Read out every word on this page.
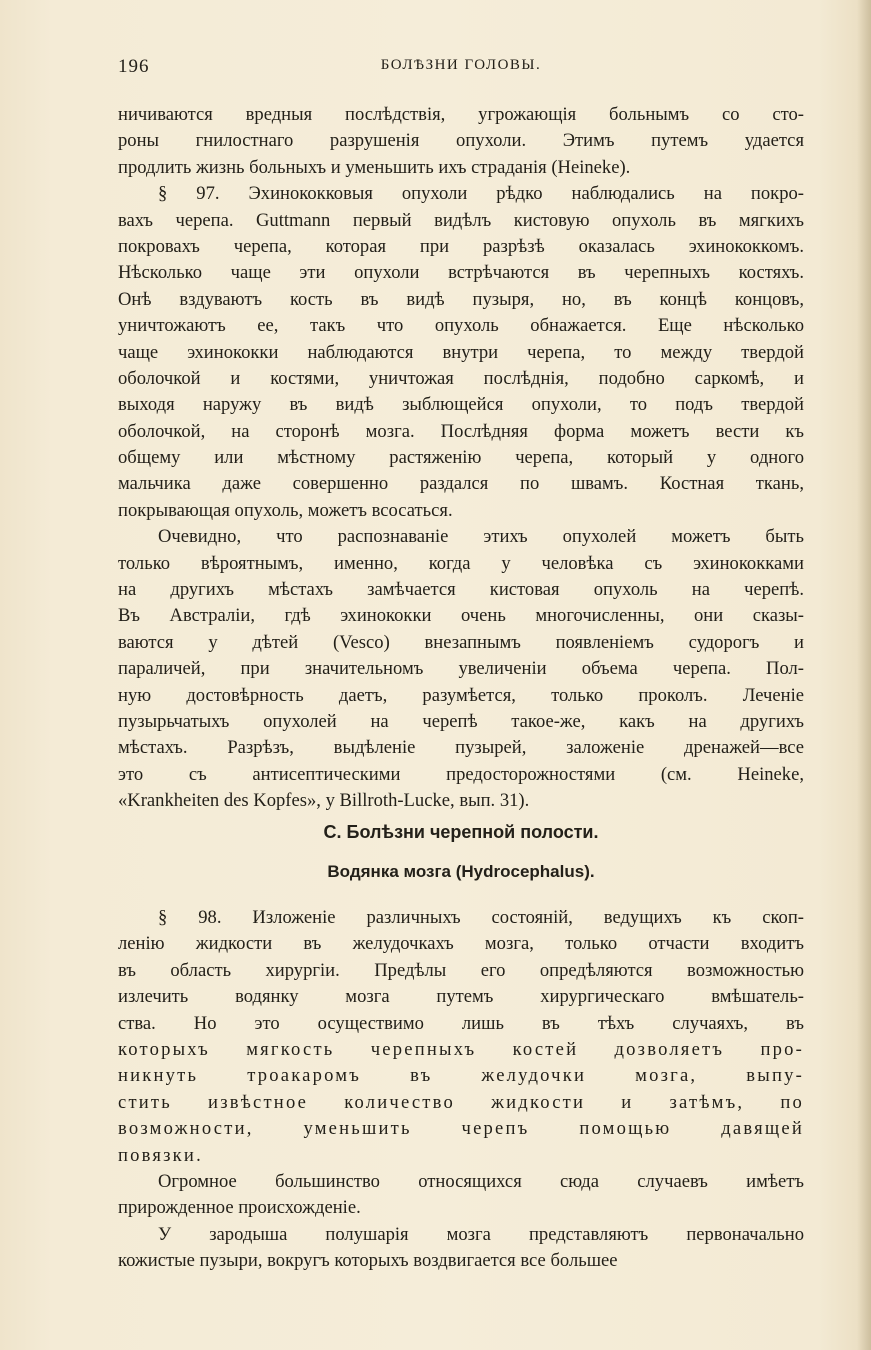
196	БОЛѢЗНИ ГОЛОВЫ.
ничиваются вредныя послѣдствія, угрожающія больнымъ со сто-
роны гнилостнаго разрушенія опухоли. Этимъ путемъ удается
продлить жизнь больныхъ и уменьшить ихъ страданія (Heineke).
§ 97. Эхинококковыя опухоли рѣдко наблюдались на покро-
вахъ черепа. Guttmann первый видѣлъ кистовую опухоль въ мягкихъ
покровахъ черепа, которая при разрѣзѣ оказалась эхинококкомъ.
Нѣсколько чаще эти опухоли встрѣчаются въ черепныхъ костяхъ.
Онѣ вздуваютъ кость въ видѣ пузыря, но, въ концѣ концовъ,
уничтожаютъ ее, такъ что опухоль обнажается. Еще нѣсколько
чаще эхинококки наблюдаются внутри черепа, то между твердой
оболочкой и костями, уничтожая послѣднія, подобно саркомѣ, и
выходя наружу въ видѣ зыблющейся опухоли, то подъ твердой
оболочкой, на сторонѣ мозга. Послѣдняя форма можетъ вести къ
общему или мѣстному растяженію черепа, который у одного
мальчика даже совершенно раздался по швамъ. Костная ткань,
покрывающая опухоль, можетъ всосаться.
Очевидно, что распознаваніе этихъ опухолей можетъ быть
только вѣроятнымъ, именно, когда у человѣка съ эхинококками
на другихъ мѣстахъ замѣчается кистовая опухоль на черепѣ.
Въ Австраліи, гдѣ эхинококки очень многочисленны, они сказы-
ваются у дѣтей (Vesco) внезапнымъ появленіемъ судорогъ и
параличей, при значительномъ увеличеніи объема черепа. Пол-
ную достовѣрность даетъ, разумѣется, только проколъ. Леченіе
пузырьчатыхъ опухолей на черепѣ такое-же, какъ на другихъ
мѣстахъ. Разрѣзъ, выдѣленіе пузырей, заложеніе дренажей—все
это съ антисептическими предосторожностями (см. Heineke,
«Krankheiten des Kopfes», у Billroth-Lucke, вып. 31).
С. Болѣзни черепной полости.
Водянка мозга (Hydrocephalus).
§ 98. Изложеніе различныхъ состояній, ведущихъ къ скоп-
ленію жидкости въ желудочкахъ мозга, только отчасти входитъ
въ область хирургіи. Предѣлы его опредѣляются возможностью
излечить водянку мозга путемъ хирургическаго вмѣшатель-
ства. Но это осуществимо лишь въ тѣхъ случаяхъ, въ
которыхъ мягкость черепныхъ костей дозволяетъ про-
никнуть троакаромъ въ желудочки мозга, выпу-
стить извѣстное количество жидкости и затѣмъ, по
возможности, уменьшить черепъ помощью давящей
повязки.
Огромное большинство относящихся сюда случаевъ имѣетъ
прирожденное происхожденіе.
У зародыша полушарія мозга представляютъ первоначально
кожистые пузыри, вокругъ которыхъ воздвигается все большее
